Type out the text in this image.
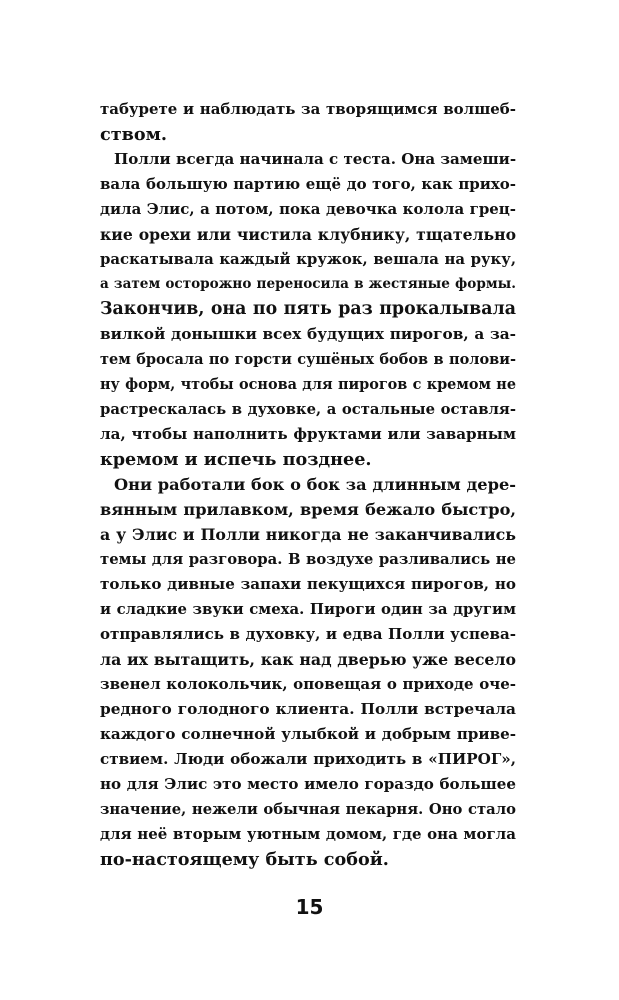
табурете и наблюдать за творящимся волшеб-
ством.
Полли всегда начинала с теста. Она замеши-
вала большую партию ещё до того, как прихо-
дила Элис, а потом, пока девочка колола грец-
кие орехи или чистила клубнику, тщательно
раскатывала каждый кружок, вешала на руку,
а затем осторожно переносила в жестяные формы.
Закончив, она по пять раз прокалывала
вилкой донышки всех будущих пирогов, а за-
тем бросала по горсти сушёных бобов в полови-
ну форм, чтобы основа для пирогов с кремом не
растрескалась в духовке, а остальные оставля-
ла, чтобы наполнить фруктами или заварным
кремом и испечь позднее.
Они работали бок о бок за длинным дере-
вянным прилавком, время бежало быстро,
а у Элис и Полли никогда не заканчивались
темы для разговора. В воздухе разливались не
только дивные запахи пекущихся пирогов, но
и сладкие звуки смеха. Пироги один за другим
отправлялись в духовку, и едва Полли успева-
ла их вытащить, как над дверью уже весело
звенел колокольчик, оповещая о приходе оче-
редного голодного клиента. Полли встречала
каждого солнечной улыбкой и добрым приве-
ствием. Люди обожали приходить в «ПИРОГ»,
но для Элис это место имело гораздо большее
значение, нежели обычная пекарня. Оно стало
для неё вторым уютным домом, где она могла
по-настоящему быть собой.
15
